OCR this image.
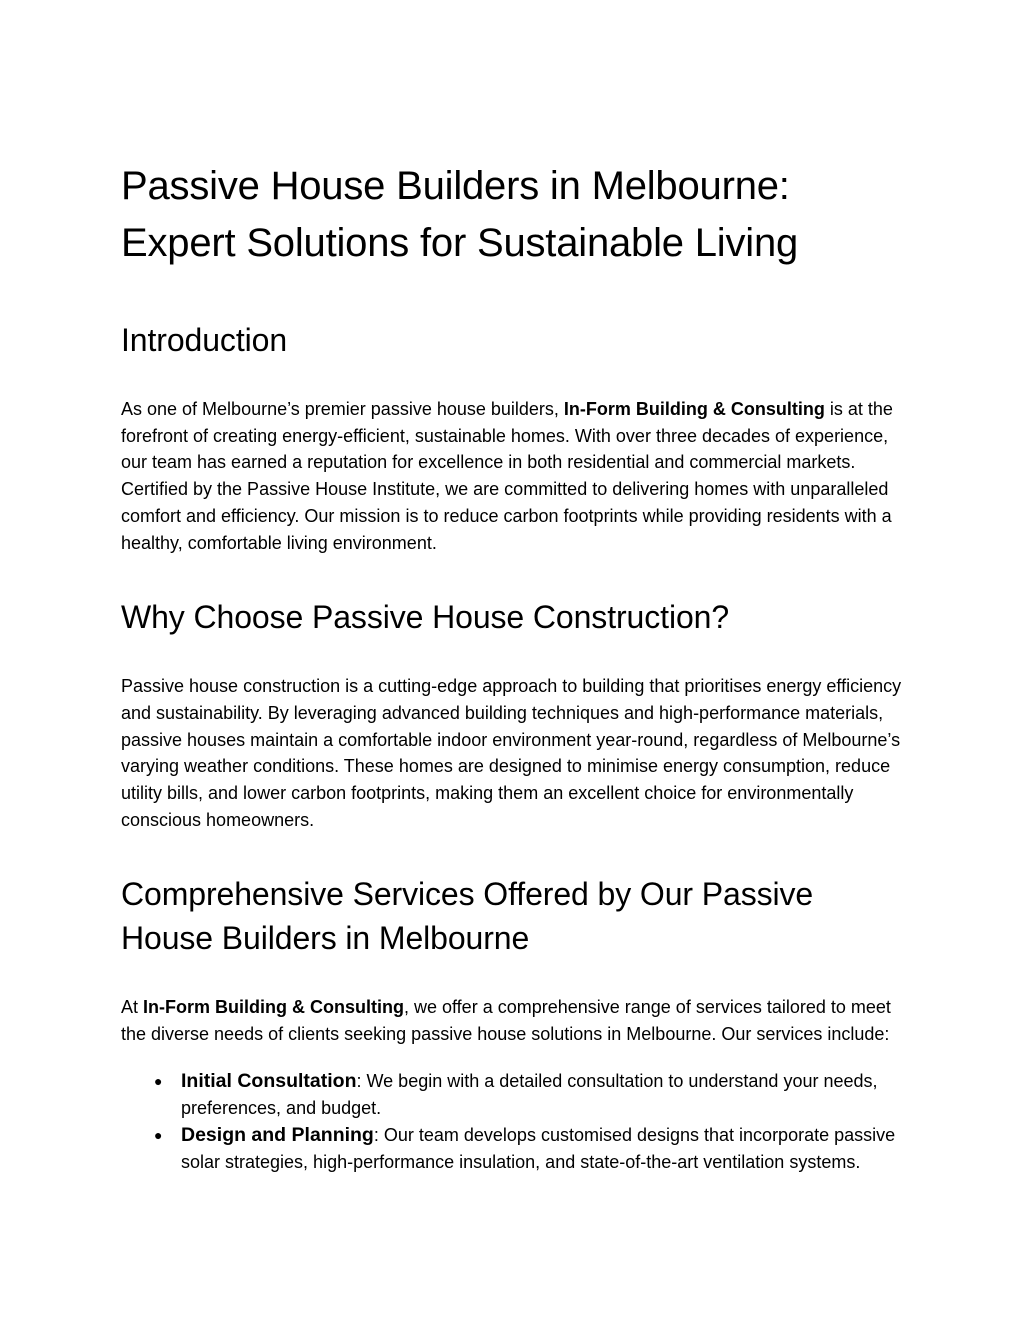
Passive House Builders in Melbourne: Expert Solutions for Sustainable Living
Introduction

As one of Melbourne’s premier passive house builders, In-Form Building & Consulting is at the forefront of creating energy-efficient, sustainable homes. With over three decades of experience, our team has earned a reputation for excellence in both residential and commercial markets. Certified by the Passive House Institute, we are committed to delivering homes with unparalleled comfort and efficiency. Our mission is to reduce carbon footprints while providing residents with a healthy, comfortable living environment.

Why Choose Passive House Construction?

Passive house construction is a cutting-edge approach to building that prioritises energy efficiency and sustainability. By leveraging advanced building techniques and high-performance materials, passive houses maintain a comfortable indoor environment year-round, regardless of Melbourne’s varying weather conditions. These homes are designed to minimise energy consumption, reduce utility bills, and lower carbon footprints, making them an excellent choice for environmentally conscious homeowners.

Comprehensive Services Offered by Our Passive House Builders in Melbourne

At In-Form Building & Consulting, we offer a comprehensive range of services tailored to meet the diverse needs of clients seeking passive house solutions in Melbourne. Our services include:

● Initial Consultation: We begin with a detailed consultation to understand your needs, preferences, and budget.
● Design and Planning: Our team develops customised designs that incorporate passive solar strategies, high-performance insulation, and state-of-the-art ventilation systems.
